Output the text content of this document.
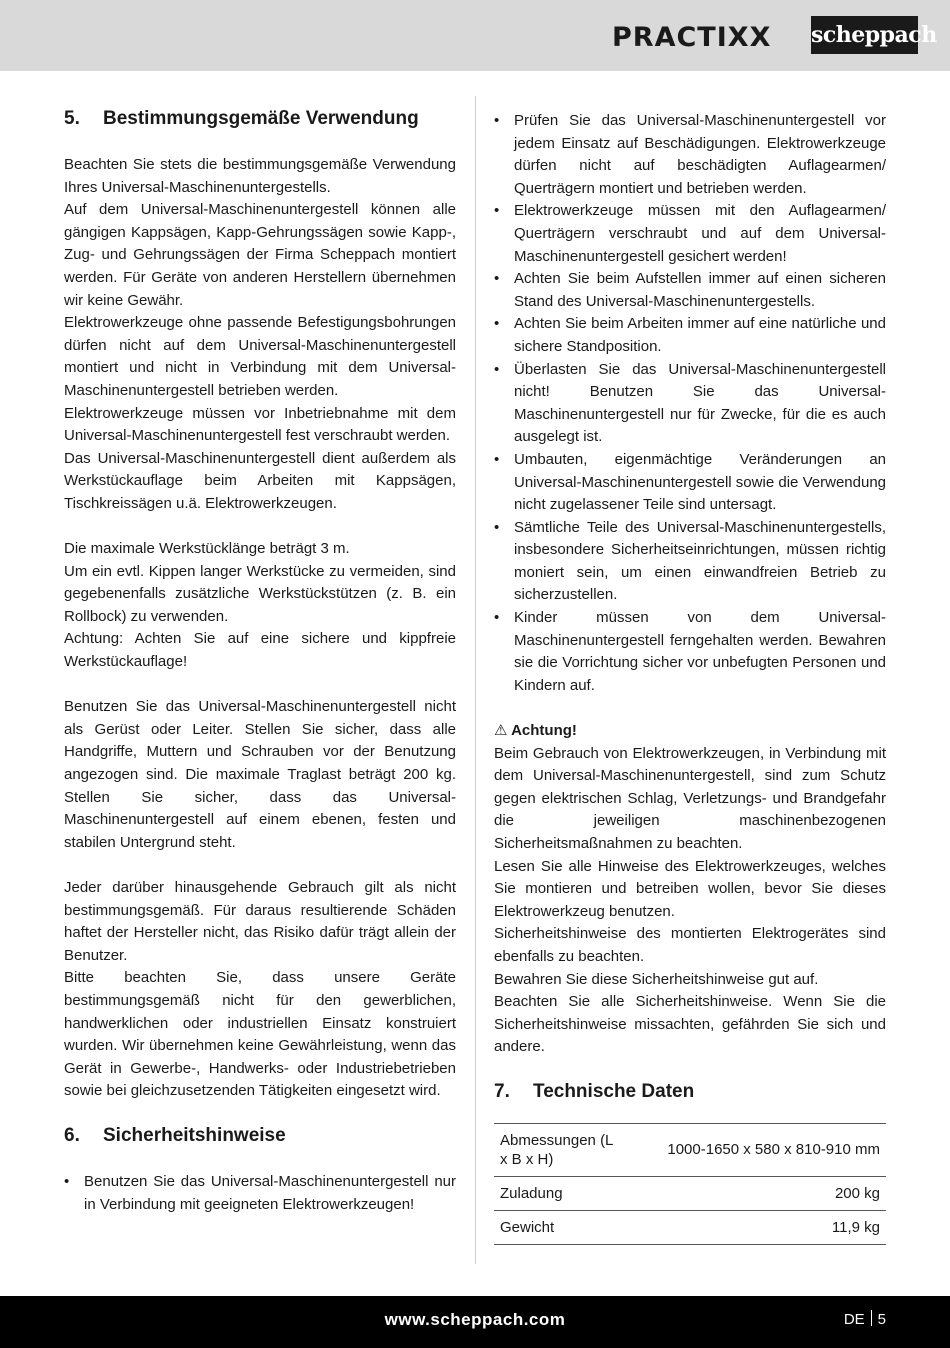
PRACTIXX scheppach
5.	Bestimmungsgemäße Verwendung

Beachten Sie stets die bestimmungsgemäße Verwendung Ihres Universal-Maschinenuntergestells.

Auf dem Universal-Maschinenuntergestell können alle gängigen Kappsägen, Kapp-Gehrungssägen sowie Kapp-, Zug- und Gehrungssägen der Firma Scheppach montiert werden. Für Geräte von anderen Herstellern übernehmen wir keine Gewähr.

Elektrowerkzeuge ohne passende Befestigungsbohrungen dürfen nicht auf dem Universal-Maschinenuntergestell montiert und nicht in Verbindung mit dem Universal-Maschinenuntergestell betrieben werden.

Elektrowerkzeuge müssen vor Inbetriebnahme mit dem Universal-Maschinenuntergestell fest verschraubt werden.

Das Universal-Maschinenuntergestell dient außerdem als Werkstückauflage beim Arbeiten mit Kappsägen, Tischkreissägen u.ä. Elektrowerkzeugen.

Die maximale Werkstücklänge beträgt 3 m.

Um ein evtl. Kippen langer Werkstücke zu vermeiden, sind gegebenenfalls zusätzliche Werkstückstützen (z. B. ein Rollbock) zu verwenden.

Achtung: Achten Sie auf eine sichere und kippfreie Werkstückauflage!

Benutzen Sie das Universal-Maschinenuntergestell nicht als Gerüst oder Leiter. Stellen Sie sicher, dass alle Handgriffe, Muttern und Schrauben vor der Benutzung angezogen sind. Die maximale Traglast beträgt 200 kg. Stellen Sie sicher, dass das Universal-Maschinenuntergestell auf einem ebenen, festen und stabilen Untergrund steht.

Jeder darüber hinausgehende Gebrauch gilt als nicht bestimmungsgemäß. Für daraus resultierende Schäden haftet der Hersteller nicht, das Risiko dafür trägt allein der Benutzer.

Bitte beachten Sie, dass unsere Geräte bestimmungsgemäß nicht für den gewerblichen, handwerklichen oder industriellen Einsatz konstruiert wurden. Wir übernehmen keine Gewährleistung, wenn das Gerät in Gewerbe-, Handwerks- oder Industriebetrieben sowie bei gleichzusetzenden Tätigkeiten eingesetzt wird.

6.	Sicherheitshinweise
• Benutzen Sie das Universal-Maschinenuntergestell nur in Verbindung mit geeigneten Elektrowerkzeugen!
• Prüfen Sie das Universal-Maschinenuntergestell vor jedem Einsatz auf Beschädigungen. Elektrowerkzeuge dürfen nicht auf beschädigten Auflagearmen/ Querträgern montiert und betrieben werden.
• Elektrowerkzeuge müssen mit den Auflagearmen/ Querträgern verschraubt und auf dem Universal-Maschinenuntergestell gesichert werden!
• Achten Sie beim Aufstellen immer auf einen sicheren Stand des Universal-Maschinenuntergestells.
• Achten Sie beim Arbeiten immer auf eine natürliche und sichere Standposition.
• Überlasten Sie das Universal-Maschinenuntergestell nicht! Benutzen Sie das Universal-Maschinenuntergestell nur für Zwecke, für die es auch ausgelegt ist.
• Umbauten, eigenmächtige Veränderungen an Universal-Maschinenuntergestell sowie die Verwendung nicht zugelassener Teile sind untersagt.
• Sämtliche Teile des Universal-Maschinenuntergestells, insbesondere Sicherheitseinrichtungen, müssen richtig moniert sein, um einen einwandfreien Betrieb zu sicherzustellen.
• Kinder müssen von dem Universal-Maschinenuntergestell ferngehalten werden. Bewahren sie die Vorrichtung sicher vor unbefugten Personen und Kindern auf.

⚠ Achtung!

Beim Gebrauch von Elektrowerkzeugen, in Verbindung mit dem Universal-Maschinenuntergestell, sind zum Schutz gegen elektrischen Schlag, Verletzungs- und Brandgefahr die jeweiligen maschinenbezogenen Sicherheitsmaßnahmen zu beachten.

Lesen Sie alle Hinweise des Elektrowerkzeuges, welches Sie montieren und betreiben wollen, bevor Sie dieses Elektrowerkzeug benutzen.

Sicherheitshinweise des montierten Elektrogerätes sind ebenfalls zu beachten.

Bewahren Sie diese Sicherheitshinweise gut auf.

Beachten Sie alle Sicherheitshinweise. Wenn Sie die Sicherheitshinweise missachten, gefährden Sie sich und andere.

7.	Technische Daten
Abmessungen (L x B x H)	1000-1650 x 580 x 810-910 mm
Zuladung	200 kg
Gewicht	11,9 kg
www.scheppach.com	DE 5
